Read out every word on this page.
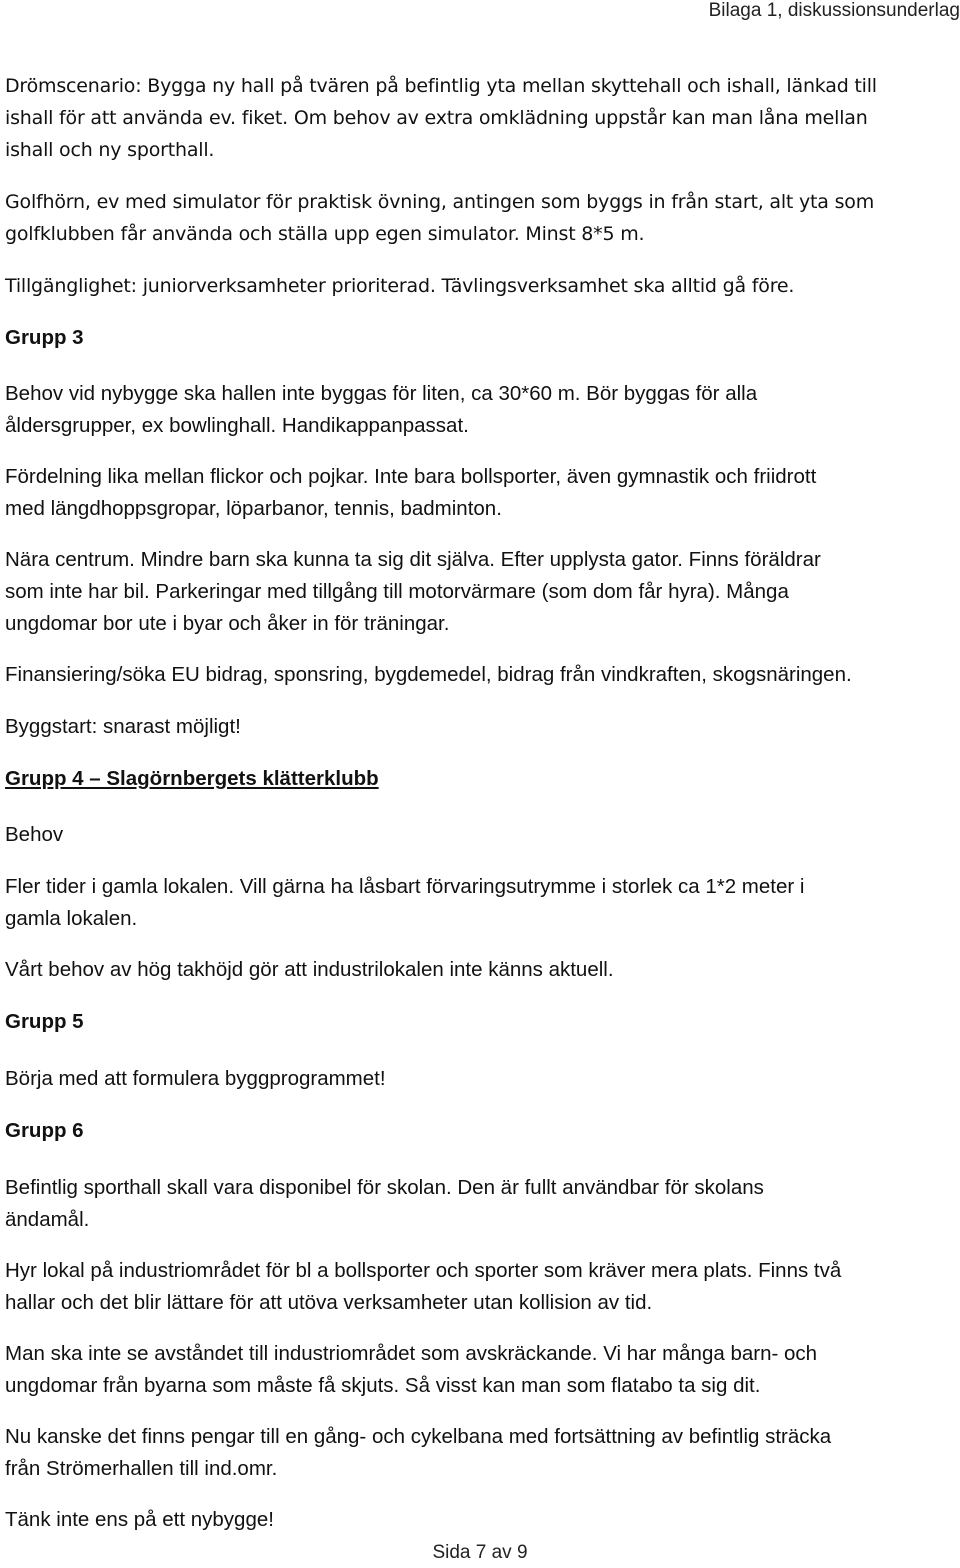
Bilaga 1, diskussionsunderlag
Drömscenario: Bygga ny hall på tvären på befintlig yta mellan skyttehall och ishall, länkad till
ishall för att använda ev. fiket. Om behov av extra omklädning uppstår kan man låna mellan
ishall och ny sporthall.
Golfhörn, ev med simulator för praktisk övning, antingen som byggs in från start, alt yta som
golfklubben får använda och ställa upp egen simulator. Minst 8*5 m.
Tillgänglighet: juniorverksamheter prioriterad. Tävlingsverksamhet ska alltid gå före.
Grupp 3
Behov vid nybygge ska hallen inte byggas för liten, ca 30*60 m. Bör byggas för alla
åldersgrupper, ex bowlinghall. Handikappanpassat.
Fördelning lika mellan flickor och pojkar. Inte bara bollsporter, även gymnastik och friidrott
med längdhoppsgropar, löparbanor, tennis, badminton.
Nära centrum. Mindre barn ska kunna ta sig dit själva. Efter upplysta gator. Finns föräldrar
som inte har bil. Parkeringar med tillgång till motorvärmare (som dom får hyra). Många
ungdomar bor ute i byar och åker in för träningar.
Finansiering/söka EU bidrag, sponsring, bygdemedel, bidrag från vindkraften, skogsnäringen.
Byggstart: snarast möjligt!
Grupp 4 – Slagörnbergets klätterklubb
Behov
Fler tider i gamla lokalen. Vill gärna ha låsbart förvaringsutrymme i storlek ca 1*2 meter i
gamla lokalen.
Vårt behov av hög takhöjd gör att industrilokalen inte känns aktuell.
Grupp 5
Börja med att formulera byggprogrammet!
Grupp 6
Befintlig sporthall skall vara disponibel för skolan. Den är fullt användbar för skolans
ändamål.
Hyr lokal på industriområdet för bl a bollsporter och sporter som kräver mera plats. Finns två
hallar och det blir lättare för att utöva verksamheter utan kollision av tid.
Man ska inte se avståndet till industriområdet som avskräckande. Vi har många barn- och
ungdomar från byarna som måste få skjuts. Så visst kan man som flatabo ta sig dit.
Nu kanske det finns pengar till en gång- och cykelbana med fortsättning av befintlig sträcka
från Strömerhallen till ind.omr.
Tänk inte ens på ett nybygge!
Sida 7 av 9
